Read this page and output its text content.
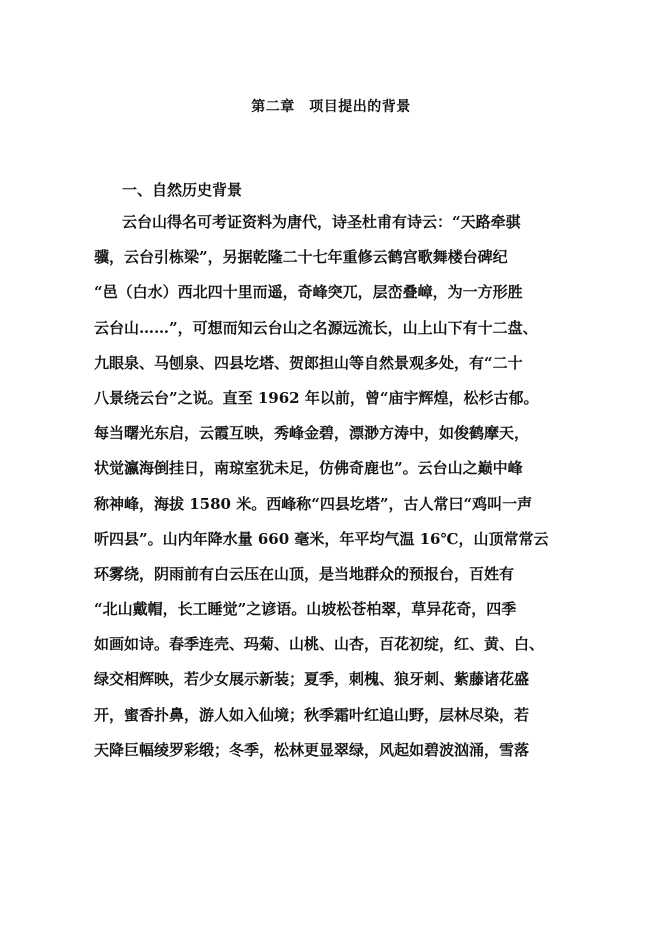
第二章　项目提出的背景
一、自然历史背景
云台山得名可考证资料为唐代，诗圣杜甫有诗云：“天路牵骐
骥，云台引栋梁”，另据乾隆二十七年重修云鹤宫歌舞楼台碑纪
“邑（白水）西北四十里而遥，奇峰突兀，层峦叠嶂，为一方形胜
云台山……”，可想而知云台山之名源远流长，山上山下有十二盘、
九眼泉、马刨泉、四县圪塔、贺郎担山等自然景观多处，有“二十
八景绕云台”之说。直至 1962 年以前，曾“庙宇辉煌，松杉古郁。
每当曙光东启，云霞互映，秀峰金碧，漂渺方涛中，如俊鹤摩天，
状觉瀛海倒挂日，南琼室犹未足，仿佛奇鹿也”。云台山之巅中峰
称神峰，海拔 1580 米。西峰称“四县圪塔”，古人常曰“鸡叫一声
听四县”。山内年降水量 660 毫米，年平均气温 16℃，山顶常常云
环雾绕，阴雨前有白云压在山顶，是当地群众的预报台，百姓有
“北山戴帽，长工睡觉”之谚语。山坡松苍柏翠，草异花奇，四季
如画如诗。春季连壳、玛菊、山桃、山杏，百花初绽，红、黄、白、
绿交相辉映，若少女展示新装；夏季，刺槐、狼牙刺、紫藤诸花盛
开，蜜香扑鼻，游人如入仙境；秋季霜叶红追山野，层林尽染，若
天降巨幅绫罗彩缎；冬季，松林更显翠绿，风起如碧波汹涌，雪落
